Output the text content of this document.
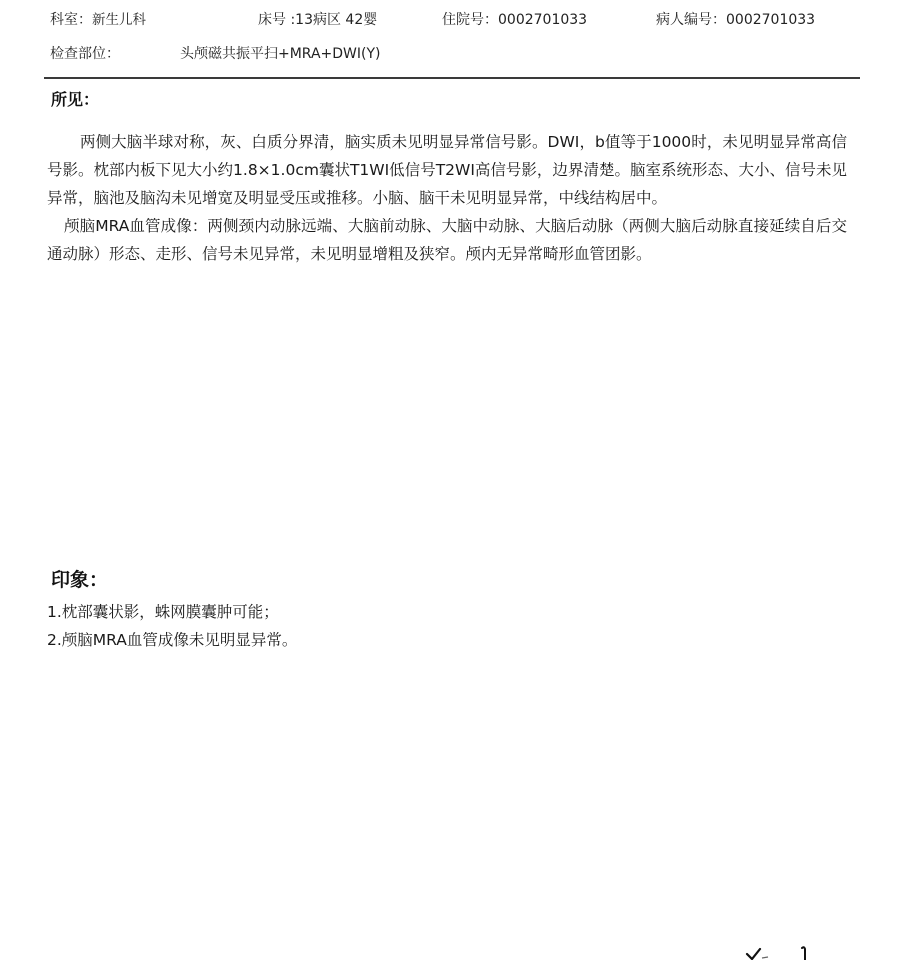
科室：新生儿科	床号 :13病区 42婴	住院号：0002701033	病人编号：0002701033
检查部位：	头颅磁共振平扫+MRA+DWI(Y)
所见：

两侧大脑半球对称，灰、白质分界清，脑实质未见明显异常信号影。DWI，b值等于1000时，未见明显异常高信号影。枕部内板下见大小约1.8×1.0cm囊状T1WI低信号T2WI高信号影，边界清楚。脑室系统形态、大小、信号未见异常，脑池及脑沟未见增宽及明显受压或推移。小脑、脑干未见明显异常，中线结构居中。

颅脑MRA血管成像：两侧颈内动脉远端、大脑前动脉、大脑中动脉、大脑后动脉（两侧大脑后动脉直接延续自后交通动脉）形态、走形、信号未见异常，未见明显增粗及狭窄。颅内无异常畸形血管团影。

印象：
1.枕部囊状影，蛛网膜囊肿可能；
2.颅脑MRA血管成像未见明显异常。
